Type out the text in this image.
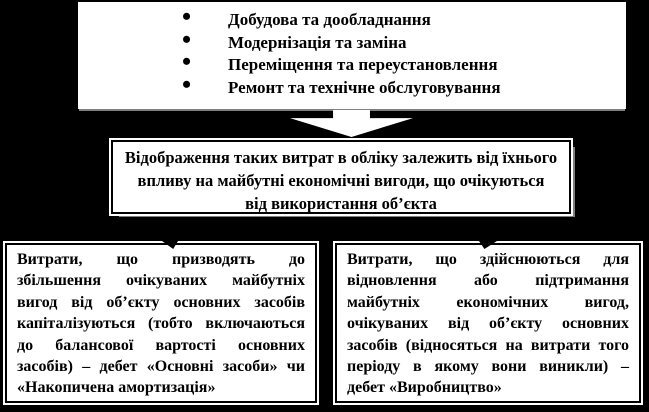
• Добудова та дообладнання
• Модернізація та заміна
• Переміщення та переустановлення
• Ремонт та технічне обслуговування
Відображення таких витрат в обліку залежить від їхнього
впливу на майбутні економічні вигоди, що очікуються
від використання об’єкта
Витрати, що призводять до
збільшення очікуваних майбутніх
вигод від об’єкту основних засобів
капіталізуються (тобто включаються
до балансової вартості основних
засобів) – дебет «Основні засоби» чи
«Накопичена амортизація»
Витрати, що здійснюються для
відновлення або підтримання
майбутніх економічних вигод,
очікуваних від об’єкту основних
засобів (відносяться на витрати того
періоду в якому вони виникли) –
дебет «Виробництво»
